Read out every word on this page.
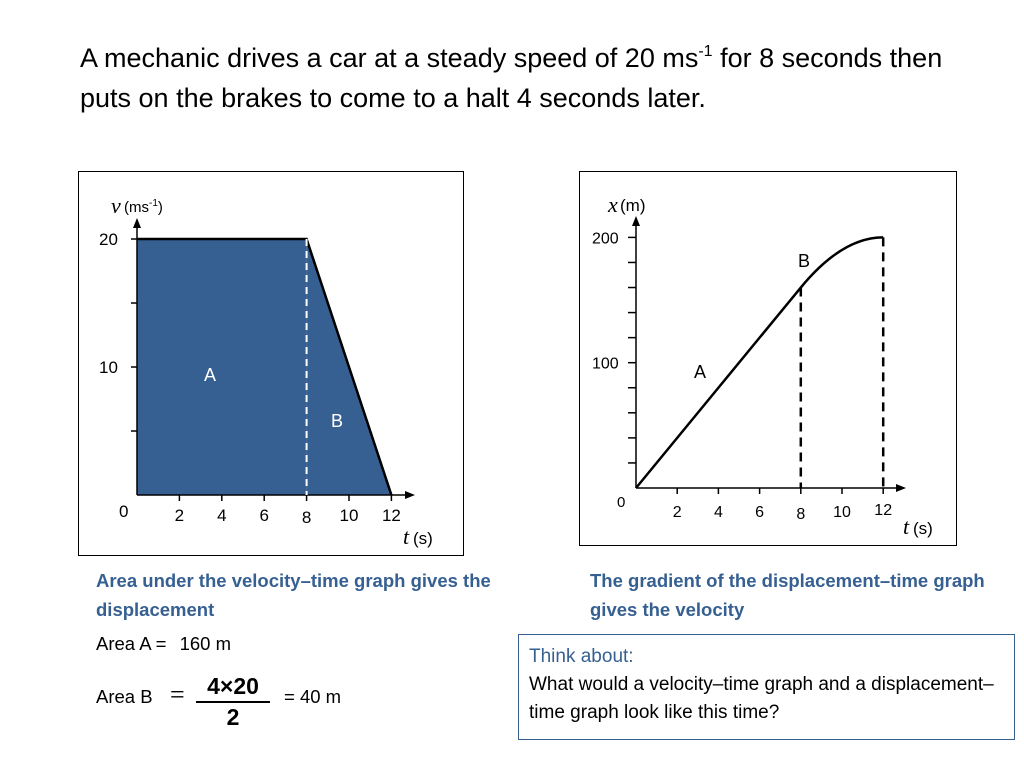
A mechanic drives a car at a steady speed of 20 $ms^{-1}$ for 8 seconds then puts on the brakes to come to a halt 4 seconds later.

10
20
2 4 6 8 10 12
v $(ms^{-1})$
t (s)
0
A
B
100
200
2 4 6 8 10 12
x (m)
t (s)
0
A
B

Area under the velocity–time graph gives the displacement

The gradient of the displacement–time graph gives the velocity

Area A = 160 m
Area B = 4×20
2
= 40 m
Think about:
What would a velocity–time graph and a displacement–time graph look like this time?
